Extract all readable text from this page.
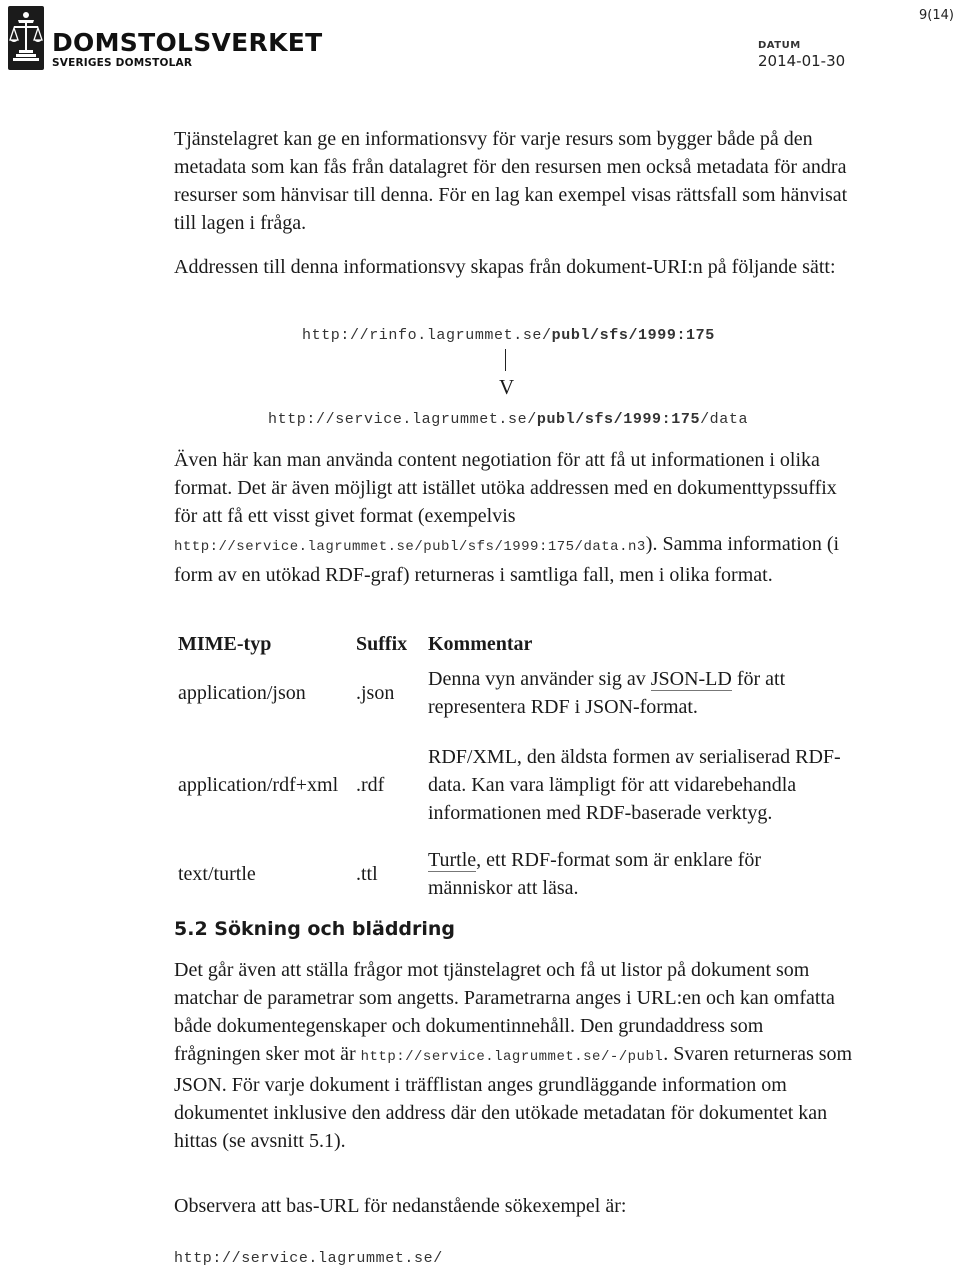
DOMSTOLSVERKET
SVERIGES DOMSTOLAR
DATUM
2014-01-30
9(14)

Tjänstelagret kan ge en informationsvy för varje resurs som bygger både på den metadata som kan fås från datalagret för den resursen men också metadata för andra resurser som hänvisar till denna. För en lag kan exempel visas rättsfall som hänvisat till lagen i fråga.

Addressen till denna informationsvy skapas från dokument-URI:n på följande sätt:

http://rinfo.lagrummet.se/publ/sfs/1999:175
V
http://service.lagrummet.se/publ/sfs/1999:175/data

Även här kan man använda content negotiation för att få ut informationen i olika format. Det är även möjligt att istället utöka addressen med en dokumenttypssuffix för att få ett visst givet format (exempelvis http://service.lagrummet.se/publ/sfs/1999:175/data.n3). Samma information (i form av en utökad RDF-graf) returneras i samtliga fall, men i olika format.

MIME-typ	Suffix	Kommentar
application/json	.json	Denna vyn använder sig av JSON-LD för att representera RDF i JSON-format.
application/rdf+xml	.rdf	RDF/XML, den äldsta formen av serialiserad RDF-data. Kan vara lämpligt för att vidarebehandla informationen med RDF-baserade verktyg.
text/turtle	.ttl	Turtle, ett RDF-format som är enklare för människor att läsa.
5.2 Sökning och bläddring

Det går även att ställa frågor mot tjänstelagret och få ut listor på dokument som matchar de parametrar som angetts. Parametrarna anges i URL:en och kan omfatta både dokumentegenskaper och dokumentinnehåll. Den grundaddress som frågningen sker mot är http://service.lagrummet.se/-/publ. Svaren returneras som JSON. För varje dokument i träfflistan anges grundläggande information om dokumentet inklusive den address där den utökade metadatan för dokumentet kan hittas (se avsnitt 5.1).

Observera att bas-URL för nedanstående sökexempel är:

http://service.lagrummet.se/
